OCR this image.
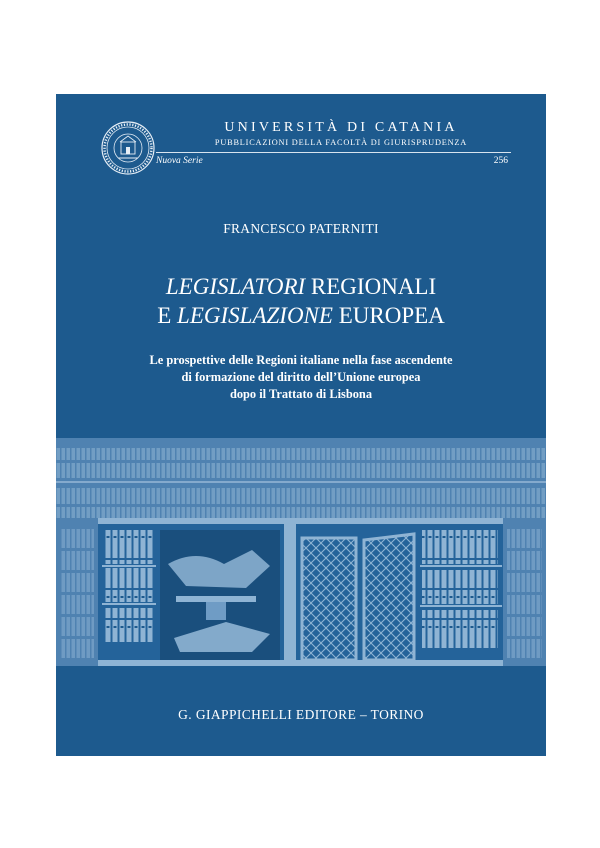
UNIVERSITÀ DI CATANIA
PUBBLICAZIONI DELLA FACOLTÀ DI GIURISPRUDENZA
Nuova Serie	256
FRANCESCO PATERNITI
LEGISLATORI REGIONALI
E LEGISLAZIONE EUROPEA
Le prospettive delle Regioni italiane nella fase ascendente
di formazione del diritto dell’Unione europea
dopo il Trattato di Lisbona
G. GIAPPICHELLI EDITORE – TORINO
